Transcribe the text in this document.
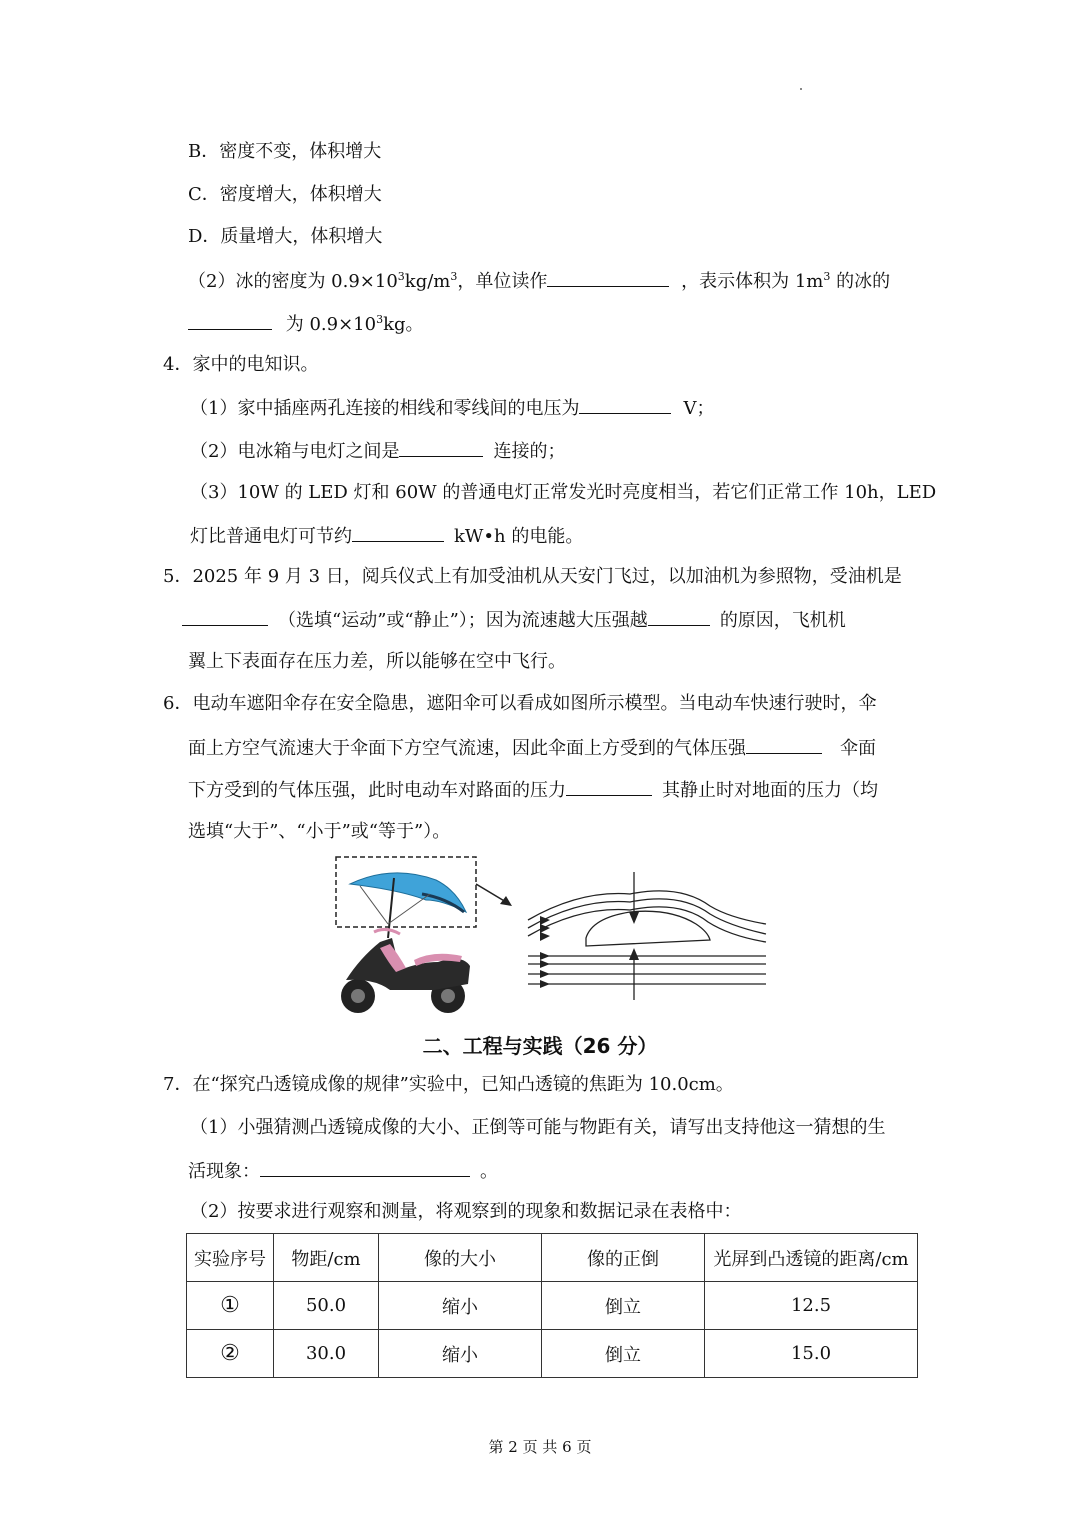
B．密度不变，体积增大
C．密度增大，体积增大
D．质量增大，体积增大
（2）冰的密度为 $0.9\times 10^3kg/m^3$，单位读作	，表示体积为 $1m^3$ 的冰的
为 $0.9\times 10^3kg$。
4．家中的电知识。
（1）家中插座两孔连接的相线和零线间的电压为	V；
（2）电冰箱与电灯之间是	连接的；
（3）10W 的 LED 灯和 60W 的普通电灯正常发光时亮度相当，若它们正常工作 10h，LED
灯比普通电灯可节约	kW•h 的电能。
5．2025 年 9 月 3 日，阅兵仪式上有加受油机从天安门飞过，以加油机为参照物，受油机是
（选填“运动”或“静止”）；因为流速越大压强越	的原因，飞机机
翼上下表面存在压力差，所以能够在空中飞行。
6．电动车遮阳伞存在安全隐患，遮阳伞可以看成如图所示模型。当电动车快速行驶时，伞
面上方空气流速大于伞面下方空气流速，因此伞面上方受到的气体压强	伞面
下方受到的气体压强，此时电动车对路面的压力	其静止时对地面的压力（均
选填“大于”、“小于”或“等于”）。
二、工程与实践（26 分）
7．在“探究凸透镜成像的规律”实验中，已知凸透镜的焦距为 10.0cm。
（1）小强猜测凸透镜成像的大小、正倒等可能与物距有关，请写出支持他这一猜想的生
活现象：	。
（2）按要求进行观察和测量，将观察到的现象和数据记录在表格中：
实验序号	物距/cm	像的大小	像的正倒	光屏到凸透镜的距离/cm
①	50.0	缩小	倒立	12.5
②	30.0	缩小	倒立	15.0
第 2 页 共 6 页
